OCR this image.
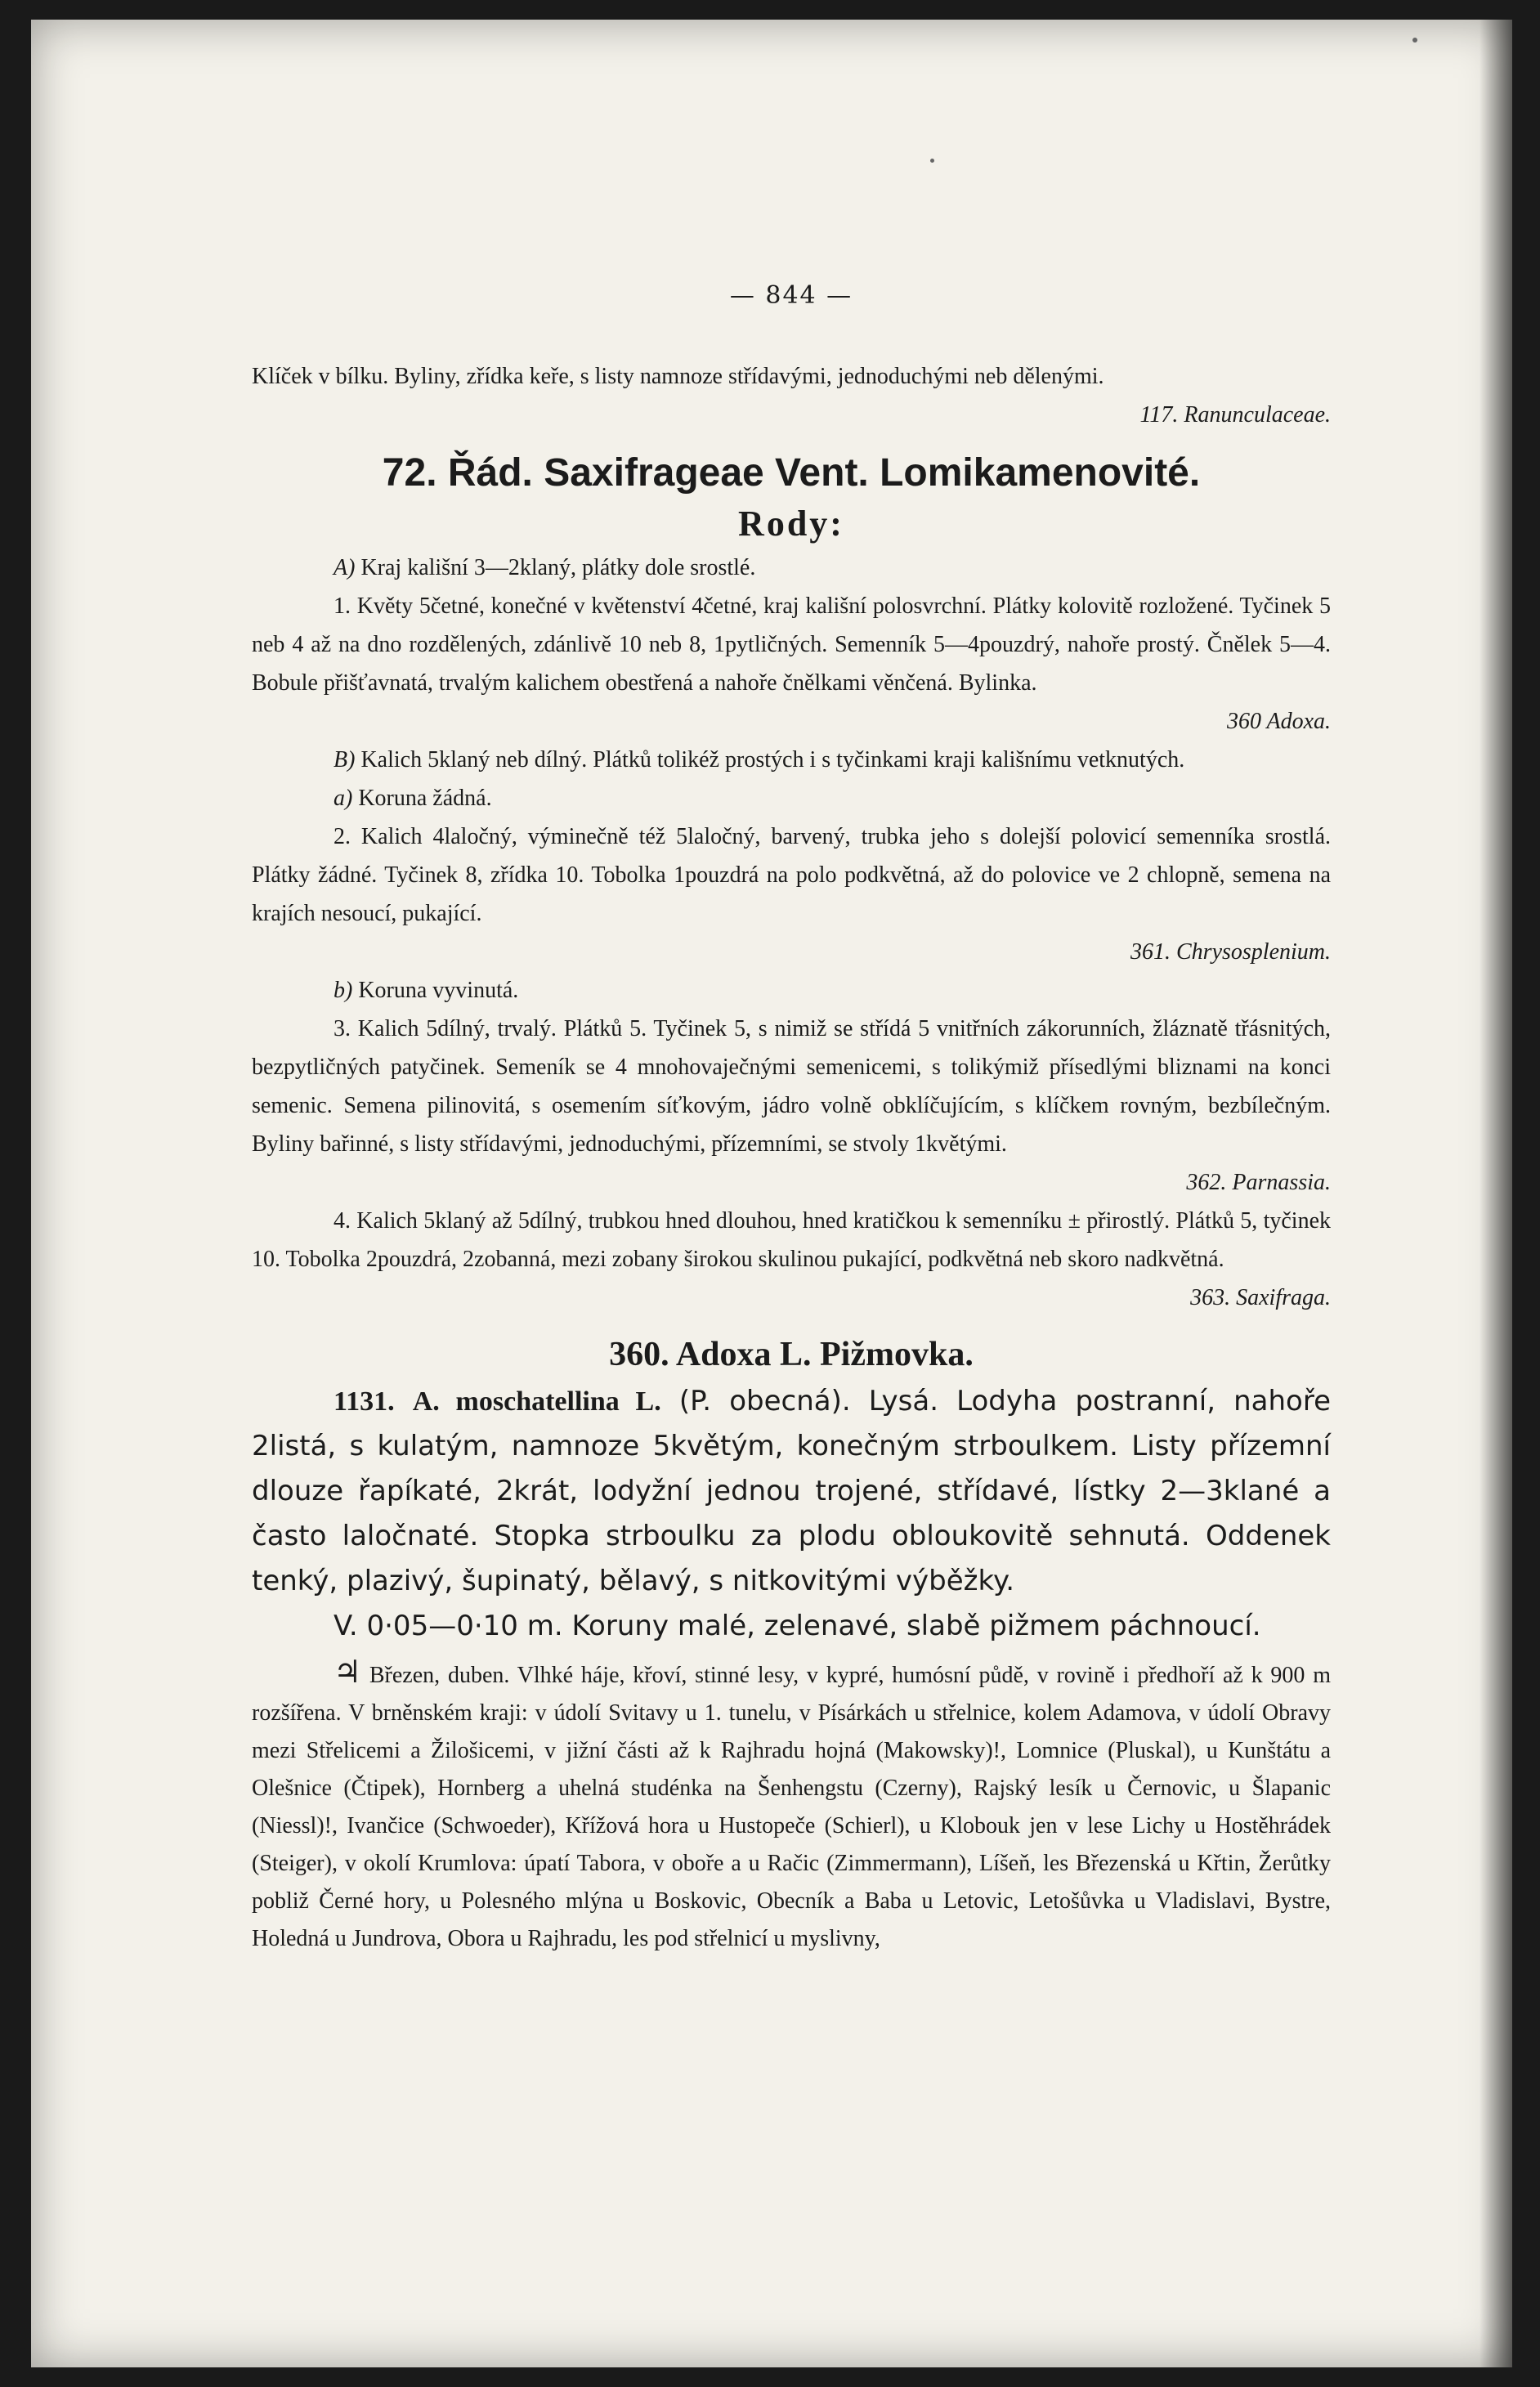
— 844 —
Klíček v bílku. Byliny, zřídka keře, s listy namnoze střídavými, jednoduchými neb dělenými.
117. Ranunculaceae.
72. Řád. Saxifrageae Vent. Lomikamenovité.
Rody:
A) Kraj kališní 3—2klaný, plátky dole srostlé.
1. Květy 5četné, konečné v květenství 4četné, kraj kališní polosvrchní. Plátky kolovitě rozložené. Tyčinek 5 neb 4 až na dno rozdělených, zdánlivě 10 neb 8, 1pytličných. Semenník 5—4pouzdrý, nahoře prostý. Čnělek 5—4. Bobule přišťavnatá, trvalým kalichem obestřená a nahoře čnělkami věnčená. Bylinka.
360 Adoxa.
B) Kalich 5klaný neb dílný. Plátků tolikéž prostých i s tyčinkami kraji kališnímu vetknutých.
a) Koruna žádná.
2. Kalich 4laločný, výminečně též 5laločný, barvený, trubka jeho s dolejší polovicí semenníka srostlá. Plátky žádné. Tyčinek 8, zřídka 10. Tobolka 1pouzdrá na polo podkvětná, až do polovice ve 2 chlopně, semena na krajích nesoucí, pukající.
361. Chrysosplenium.
b) Koruna vyvinutá.
3. Kalich 5dílný, trvalý. Plátků 5. Tyčinek 5, s nimiž se střídá 5 vnitřních zákorunních, žláznatě třásnitých, bezpytličných patyčinek. Semeník se 4 mnohovaječnými semenicemi, s tolikýmiž přísedlými bliznami na konci semenic. Semena pilinovitá, s osemením síťkovým, jádro volně obklíčujícím, s klíčkem rovným, bezbílečným. Byliny bařinné, s listy střídavými, jednoduchými, přízemními, se stvoly 1květými.
362. Parnassia.
4. Kalich 5klaný až 5dílný, trubkou hned dlouhou, hned kratičkou k semenníku ± přirostlý. Plátků 5, tyčinek 10. Tobolka 2pouzdrá, 2zobanná, mezi zobany širokou skulinou pukající, podkvětná neb skoro nadkvětná.
363. Saxifraga.
360. Adoxa L. Pižmovka.
1131. A. moschatellina L. (P. obecná). Lysá. Lodyha postranní, nahoře 2listá, s kulatým, namnoze 5květým, konečným strboulkem. Listy přízemní dlouze řapíkaté, 2krát, lodyžní jednou trojené, střídavé, lístky 2—3klané a často laločnaté. Stopka strboulku za plodu obloukovitě sehnutá. Oddenek tenký, plazivý, šupinatý, bělavý, s nitkovitými výběžky.
V. 0·05—0·10 m. Koruny malé, zelenavé, slabě pižmem páchnoucí.
♃ Březen, duben. Vlhké háje, křoví, stinné lesy, v kypré, humósní půdě, v rovině i předhoří až k 900 m rozšířena. V brněnském kraji: v údolí Svitavy u 1. tunelu, v Písárkách u střelnice, kolem Adamova, v údolí Obravy mezi Střelicemi a Žilošicemi, v jižní části až k Rajhradu hojná (Makowsky)!, Lomnice (Pluskal), u Kunštátu a Olešnice (Čtipek), Hornberg a uhelná studénka na Šenhengstu (Czerny), Rajský lesík u Černovic, u Šlapanic (Niessl)!, Ivančice (Schwoeder), Křížová hora u Hustopeče (Schierl), u Klobouk jen v lese Lichy u Hostěhrádek (Steiger), v okolí Krumlova: úpatí Tabora, v oboře a u Račic (Zimmermann), Líšeň, les Březenská u Křtin, Žerůtky pobliž Černé hory, u Polesného mlýna u Boskovic, Obecník a Baba u Letovic, Letošůvka u Vladislavi, Bystre, Holedná u Jundrova, Obora u Rajhradu, les pod střelnicí u myslivny,
